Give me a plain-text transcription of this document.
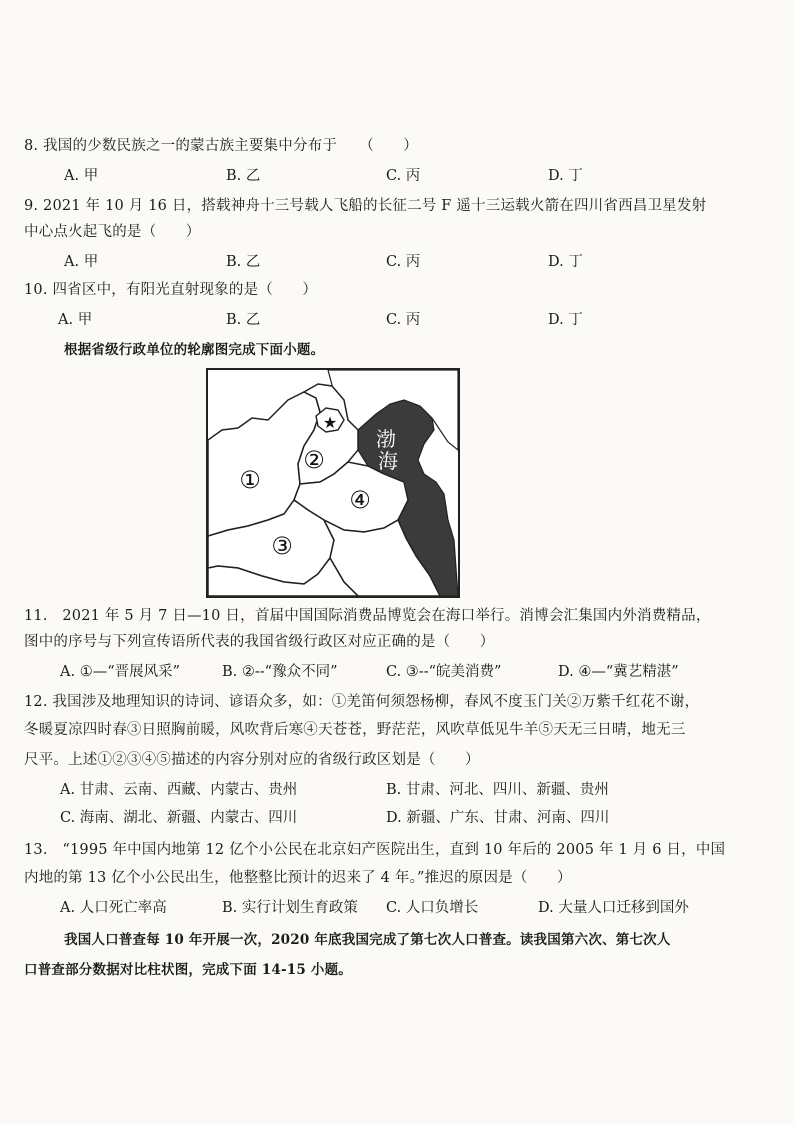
8. 我国的少数民族之一的蒙古族主要集中分布于　　（　　）
A. 甲	B. 乙	C. 丙	D. 丁
9. 2021 年 10 月 16 日，搭载神舟十三号载人飞船的长征二号 F 遥十三运载火箭在四川省西昌卫星发射
中心点火起飞的是（　　）
A. 甲	B. 乙	C. 丙	D. 丁
10. 四省区中，有阳光直射现象的是（　　）
A. 甲	B. 乙	C. 丙	D. 丁
根据省级行政单位的轮廓图完成下面小题。
①
②
④
③
★
渤
海
11.　2021 年 5 月 7 日—10 日，首届中国国际消费品博览会在海口举行。消博会汇集国内外消费精品，
图中的序号与下列宣传语所代表的我国省级行政区对应正确的是（　　）
A. ①—“晋展风采”	B. ②--“豫众不同”	C. ③--“皖美消费”	D. ④—“冀艺精湛”
12. 我国涉及地理知识的诗词、谚语众多，如：①羌笛何须怨杨柳，春风不度玉门关②万紫千红花不谢，
冬暖夏凉四时春③日照胸前暖，风吹背后寒④天苍苍，野茫茫，风吹草低见牛羊⑤天无三日晴，地无三
尺平。上述①②③④⑤描述的内容分别对应的省级行政区划是（　　）
A. 甘肃、云南、西藏、内蒙古、贵州	B. 甘肃、河北、四川、新疆、贵州
C. 海南、湖北、新疆、内蒙古、四川	D. 新疆、广东、甘肃、河南、四川
13.　“1995 年中国内地第 12 亿个小公民在北京妇产医院出生，直到 10 年后的 2005 年 1 月 6 日，中国
内地的第 13 亿个小公民出生，他整整比预计的迟来了 4 年。”推迟的原因是（　　）
A. 人口死亡率高	B. 实行计划生育政策 C. 人口负增长	D. 大量人口迁移到国外
我国人口普查每 10 年开展一次，2020 年底我国完成了第七次人口普查。读我国第六次、第七次人
口普查部分数据对比柱状图，完成下面 14-15 小题。
